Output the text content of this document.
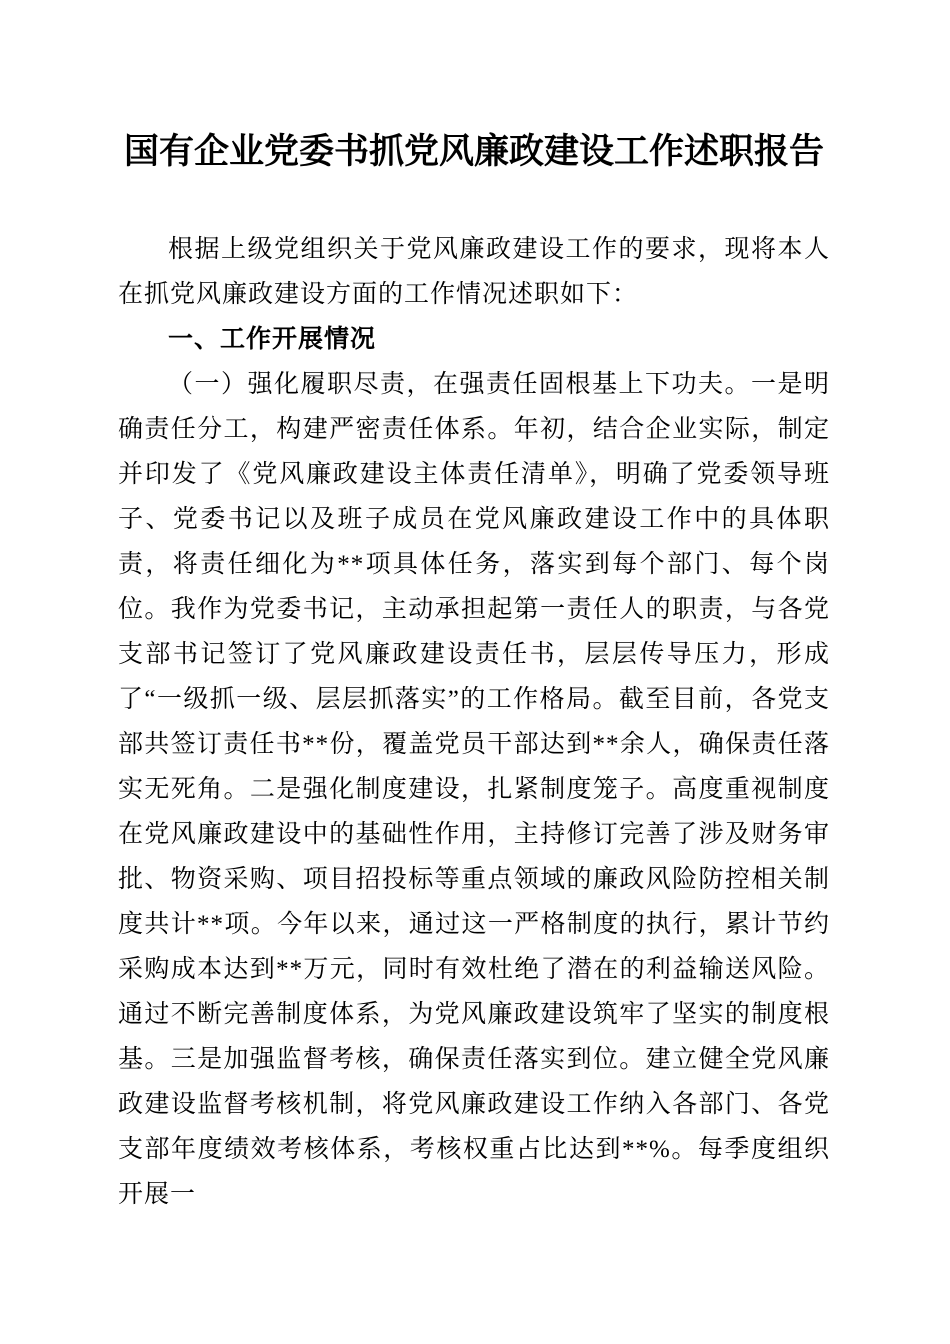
国有企业党委书抓党风廉政建设工作述职报告

根据上级党组织关于党风廉政建设工作的要求，现将本人在抓党风廉政建设方面的工作情况述职如下：

一、工作开展情况

（一）强化履职尽责，在强责任固根基上下功夫。一是明确责任分工，构建严密责任体系。年初，结合企业实际，制定并印发了《党风廉政建设主体责任清单》，明确了党委领导班子、党委书记以及班子成员在党风廉政建设工作中的具体职责，将责任细化为**项具体任务，落实到每个部门、每个岗位。我作为党委书记，主动承担起第一责任人的职责，与各党支部书记签订了党风廉政建设责任书，层层传导压力，形成了“一级抓一级、层层抓落实”的工作格局。截至目前，各党支部共签订责任书**份，覆盖党员干部达到**余人，确保责任落实无死角。二是强化制度建设，扎紧制度笼子。高度重视制度在党风廉政建设中的基础性作用，主持修订完善了涉及财务审批、物资采购、项目招投标等重点领域的廉政风险防控相关制度共计**项。今年以来，通过这一严格制度的执行，累计节约采购成本达到**万元，同时有效杜绝了潜在的利益输送风险。通过不断完善制度体系，为党风廉政建设筑牢了坚实的制度根基。三是加强监督考核，确保责任落实到位。建立健全党风廉政建设监督考核机制，将党风廉政建设工作纳入各部门、各党支部年度绩效考核体系，考核权重占比达到**%。每季度组织开展一
